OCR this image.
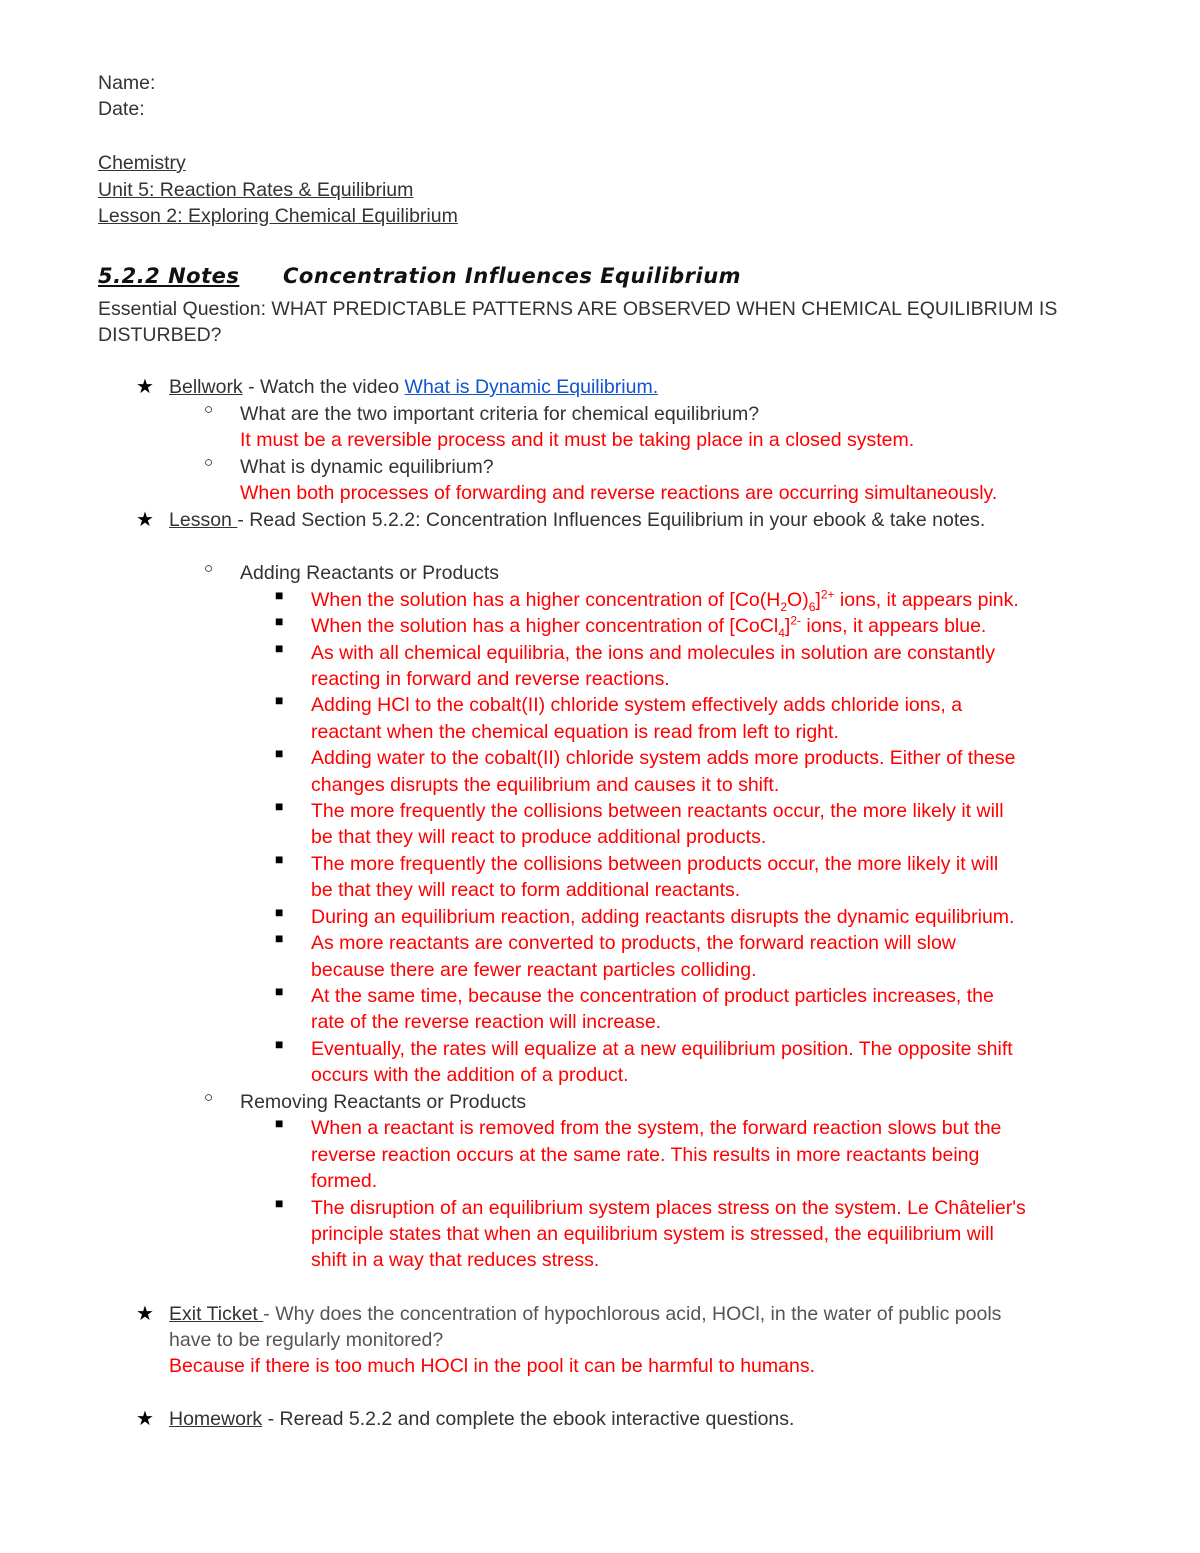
Name:
Date:
Chemistry
Unit 5: Reaction Rates & Equilibrium
Lesson 2: Exploring Chemical Equilibrium
5.2.2 Notes Concentration Influences Equilibrium
Essential Question: WHAT PREDICTABLE PATTERNS ARE OBSERVED WHEN CHEMICAL EQUILIBRIUM IS
DISTURBED?
★ Bellwork - Watch the video What is Dynamic Equilibrium.
○ What are the two important criteria for chemical equilibrium?
It must be a reversible process and it must be taking place in a closed system.
○ What is dynamic equilibrium?
When both processes of forwarding and reverse reactions are occurring simultaneously.
★ Lesson - Read Section 5.2.2: Concentration Influences Equilibrium in your ebook & take notes.
○ Adding Reactants or Products
■ When the solution has a higher concentration of $[Co(H_2O)_6]^{2+}$ ions, it appears pink.
■ When the solution has a higher concentration of [CoCl$_4$]$^{2-}$ ions, it appears blue.
■ As with all chemical equilibria, the ions and molecules in solution are constantly
reacting in forward and reverse reactions.
■ Adding HCl to the cobalt(II) chloride system effectively adds chloride ions, a
reactant when the chemical equation is read from left to right.
■ Adding water to the cobalt(II) chloride system adds more products. Either of these
changes disrupts the equilibrium and causes it to shift.
■ The more frequently the collisions between reactants occur, the more likely it will
be that they will react to produce additional products.
■ The more frequently the collisions between products occur, the more likely it will
be that they will react to form additional reactants.
■ During an equilibrium reaction, adding reactants disrupts the dynamic equilibrium.
■ As more reactants are converted to products, the forward reaction will slow
because there are fewer reactant particles colliding.
■ At the same time, because the concentration of product particles increases, the
rate of the reverse reaction will increase.
■ Eventually, the rates will equalize at a new equilibrium position. The opposite shift
occurs with the addition of a product.
○ Removing Reactants or Products
■ When a reactant is removed from the system, the forward reaction slows but the
reverse reaction occurs at the same rate. This results in more reactants being
formed.
■ The disruption of an equilibrium system places stress on the system. Le Châtelier's
principle states that when an equilibrium system is stressed, the equilibrium will
shift in a way that reduces stress.
★ Exit Ticket - Why does the concentration of hypochlorous acid, HOCl, in the water of public pools
have to be regularly monitored?
Because if there is too much HOCl in the pool it can be harmful to humans.
★ Homework - Reread 5.2.2 and complete the ebook interactive questions.
